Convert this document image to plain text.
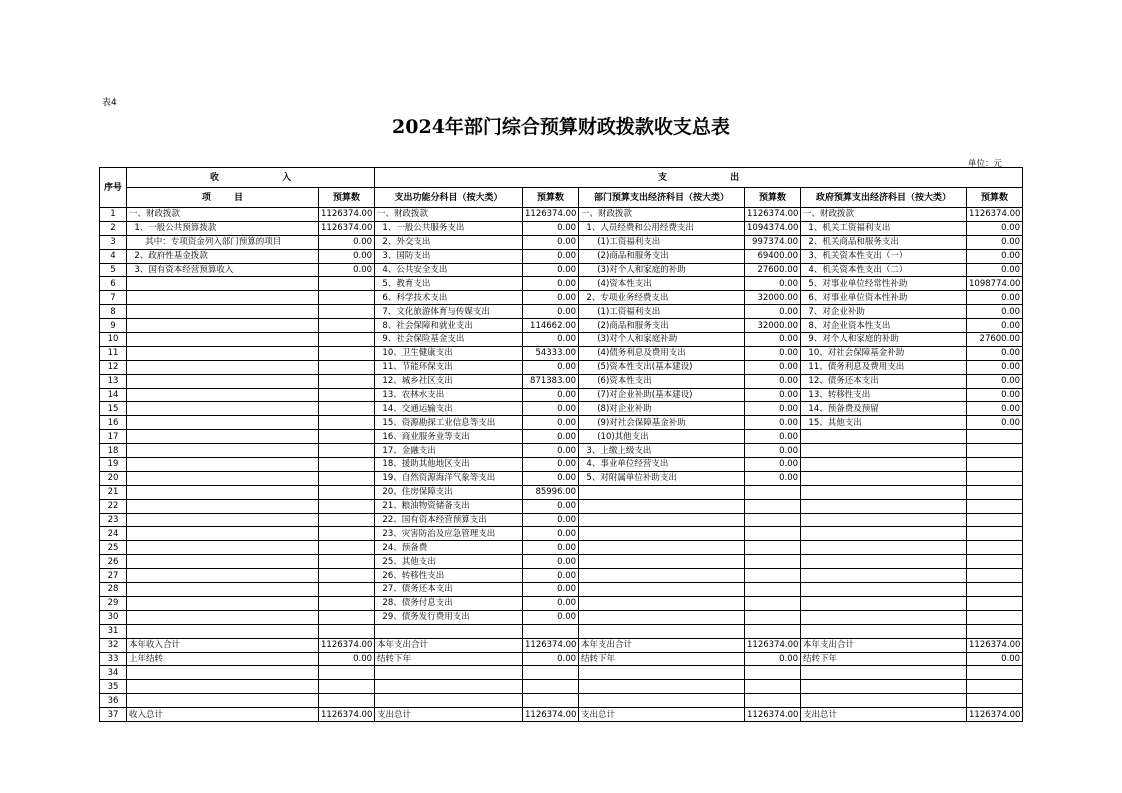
表4
2024年部门综合预算财政拨款收支总表
单位：元
序号	收 入		支 出					
	项 目	预算数	支出功能分科目（按大类）	预算数	部门预算支出经济科目（按大类）	预算数	政府预算支出经济科目（按大类）	预算数
1	一、财政拨款	1126374.00	一、财政拨款	1126374.00	一、财政拨款	1126374.00	一、财政拨款	1126374.00
2	1、一般公共预算拨款	1126374.00	1、一般公共服务支出	0.00	1、人员经费和公用经费支出	1094374.00	1、机关工资福利支出	0.00
3	其中：专项资金列入部门预算的项目	0.00	2、外交支出	0.00	(1)工资福利支出	997374.00	2、机关商品和服务支出	0.00
4	2、政府性基金拨款	0.00	3、国防支出	0.00	(2)商品和服务支出	69400.00	3、机关资本性支出（一）	0.00
5	3、国有资本经营预算收入	0.00	4、公共安全支出	0.00	(3)对个人和家庭的补助	27600.00	4、机关资本性支出（二）	0.00
6			5、教育支出	0.00	(4)资本性支出	0.00	5、对事业单位经常性补助	1098774.00
7			6、科学技术支出	0.00	2、专项业务经费支出	32000.00	6、对事业单位资本性补助	0.00
8			7、文化旅游体育与传媒支出	0.00	(1)工资福利支出	0.00	7、对企业补助	0.00
9			8、社会保障和就业支出	114662.00	(2)商品和服务支出	32000.00	8、对企业资本性支出	0.00
10			9、社会保险基金支出	0.00	(3)对个人和家庭补助	0.00	9、对个人和家庭的补助	27600.00
11			10、卫生健康支出	54333.00	(4)债务利息及费用支出	0.00	10、对社会保障基金补助	0.00
12			11、节能环保支出	0.00	(5)资本性支出(基本建设)	0.00	11、债务利息及费用支出	0.00
13			12、城乡社区支出	871383.00	(6)资本性支出	0.00	12、债务还本支出	0.00
14			13、农林水支出	0.00	(7)对企业补助(基本建设)	0.00	13、转移性支出	0.00
15			14、交通运输支出	0.00	(8)对企业补助	0.00	14、预备费及预留	0.00
16			15、资源勘探工业信息等支出	0.00	(9)对社会保障基金补助	0.00	15、其他支出	0.00
17			16、商业服务业等支出	0.00	(10)其他支出	0.00		
18			17、金融支出	0.00	3、上缴上级支出	0.00		
19			18、援助其他地区支出	0.00	4、事业单位经营支出	0.00		
20			19、自然资源海洋气象等支出	0.00	5、对附属单位补助支出	0.00		
21			20、住房保障支出	85996.00				
22			21、粮油物资储备支出	0.00				
23			22、国有资本经营预算支出	0.00				
24			23、灾害防治及应急管理支出	0.00				
25			24、预备费	0.00				
26			25、其他支出	0.00				
27			26、转移性支出	0.00				
28			27、债务还本支出	0.00				
29			28、债务付息支出	0.00				
30			29、债务发行费用支出	0.00				
31								
32	本年收入合计	1126374.00	本年支出合计	1126374.00	本年支出合计	1126374.00	本年支出合计	1126374.00
33	上年结转	0.00	结转下年	0.00	结转下年	0.00	结转下年	0.00
34								
35								
36								
37	收入总计	1126374.00	支出总计	1126374.00	支出总计	1126374.00	支出总计	1126374.00
